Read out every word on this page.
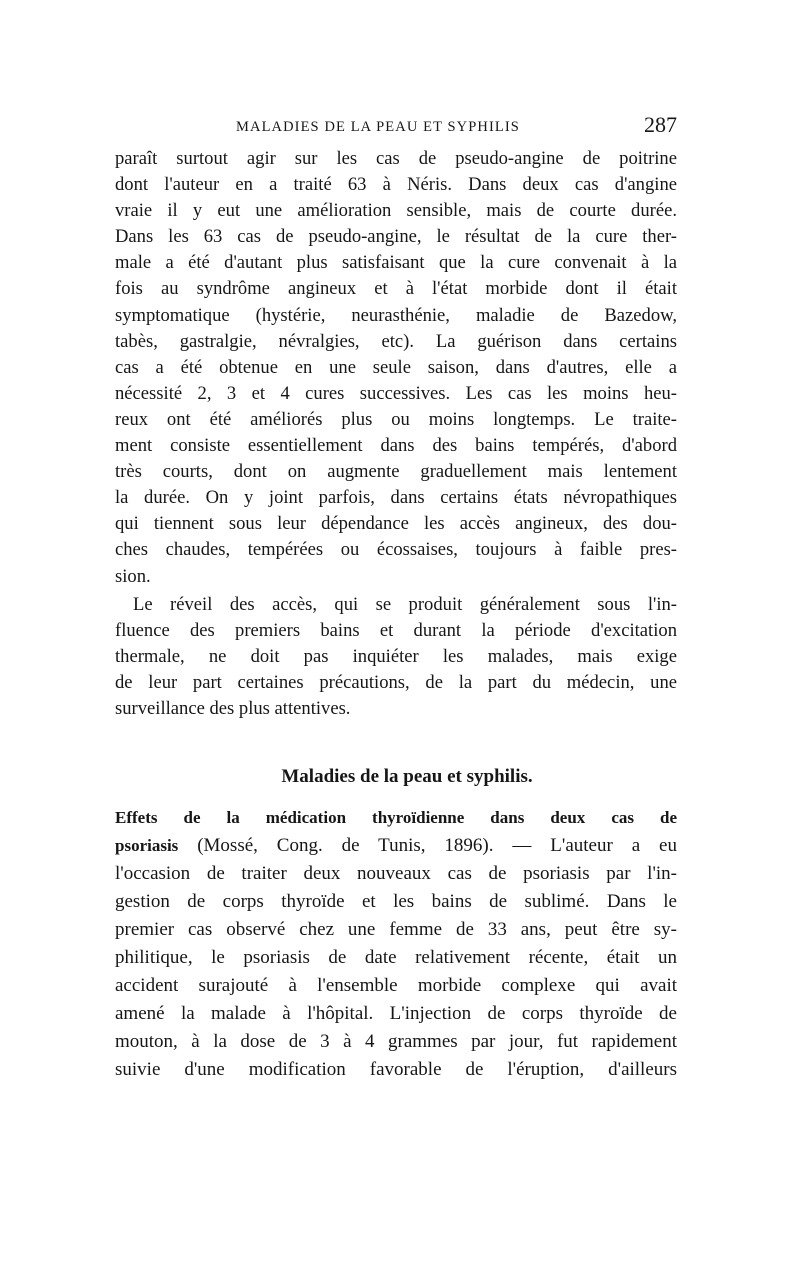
MALADIES DE LA PEAU ET SYPHILIS	287
paraît surtout agir sur les cas de pseudo-angine de poitrine
dont l'auteur en a traité 63 à Néris. Dans deux cas d'angine
vraie il y eut une amélioration sensible, mais de courte durée.
Dans les 63 cas de pseudo-angine, le résultat de la cure ther-
male a été d'autant plus satisfaisant que la cure convenait à la
fois au syndrôme angineux et à l'état morbide dont il était
symptomatique (hystérie, neurasthénie, maladie de Bazedow,
tabès, gastralgie, névralgies, etc). La guérison dans certains
cas a été obtenue en une seule saison, dans d'autres, elle a
nécessité 2, 3 et 4 cures successives. Les cas les moins heu-
reux ont été améliorés plus ou moins longtemps. Le traite-
ment consiste essentiellement dans des bains tempérés, d'abord
très courts, dont on augmente graduellement mais lentement
la durée. On y joint parfois, dans certains états névropathiques
qui tiennent sous leur dépendance les accès angineux, des dou-
ches chaudes, tempérées ou écossaises, toujours à faible pres-
sion.
Le réveil des accès, qui se produit généralement sous l'in-
fluence des premiers bains et durant la période d'excitation
thermale, ne doit pas inquiéter les malades, mais exige
de leur part certaines précautions, de la part du médecin, une
surveillance des plus attentives.
Maladies de la peau et syphilis.
Effets de la médication thyroïdienne dans deux cas de
psoriasis (Mossé, Cong. de Tunis, 1896). — L'auteur a eu
l'occasion de traiter deux nouveaux cas de psoriasis par l'in-
gestion de corps thyroïde et les bains de sublimé. Dans le
premier cas observé chez une femme de 33 ans, peut être sy-
philitique, le psoriasis de date relativement récente, était un
accident surajouté à l'ensemble morbide complexe qui avait
amené la malade à l'hôpital. L'injection de corps thyroïde de
mouton, à la dose de 3 à 4 grammes par jour, fut rapidement
suivie d'une modification favorable de l'éruption, d'ailleurs
